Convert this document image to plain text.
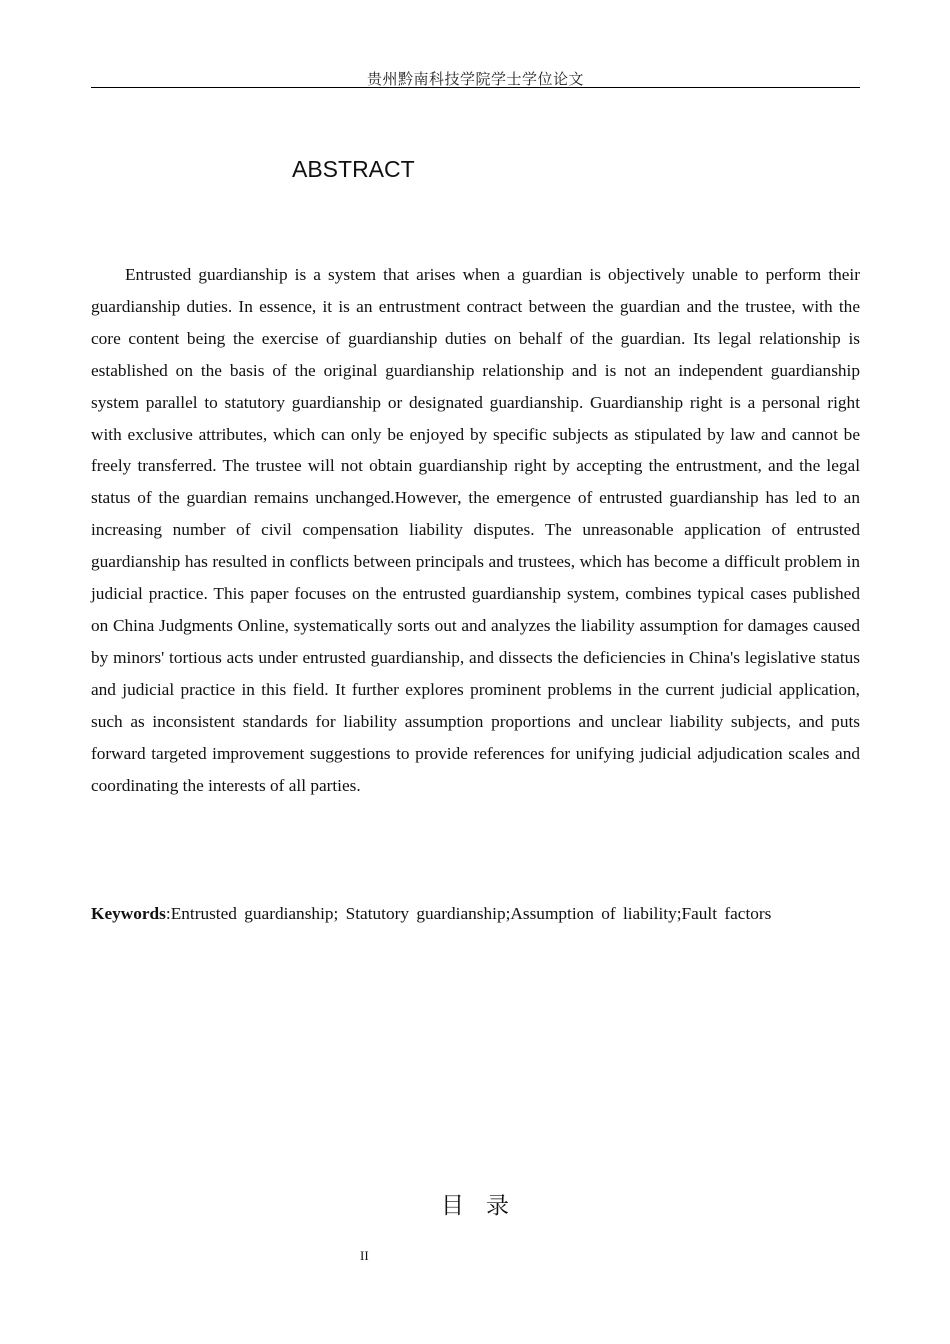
贵州黔南科技学院学士学位论文
ABSTRACT

Entrusted guardianship is a system that arises when a guardian is objectively unable to perform their guardianship duties. In essence, it is an entrustment contract between the guardian and the trustee, with the core content being the exercise of guardianship duties on behalf of the guardian. Its legal relationship is established on the basis of the original guardianship relationship and is not an independent guardianship system parallel to statutory guardianship or designated guardianship. Guardianship right is a personal right with exclusive attributes, which can only be enjoyed by specific subjects as stipulated by law and cannot be freely transferred. The trustee will not obtain guardianship right by accepting the entrustment, and the legal status of the guardian remains unchanged.However, the emergence of entrusted guardianship has led to an increasing number of civil compensation liability disputes. The unreasonable application of entrusted guardianship has resulted in conflicts between principals and trustees, which has become a difficult problem in judicial practice. This paper focuses on the entrusted guardianship system, combines typical cases published on China Judgments Online, systematically sorts out and analyzes the liability assumption for damages caused by minors' tortious acts under entrusted guardianship, and dissects the deficiencies in China's legislative status and judicial practice in this field. It further explores prominent problems in the current judicial application, such as inconsistent standards for liability assumption proportions and unclear liability subjects, and puts forward targeted improvement suggestions to provide references for unifying judicial adjudication scales and coordinating the interests of all parties.

Keywords:Entrusted guardianship; Statutory guardianship;Assumption of liability;Fault factors
目录
II
